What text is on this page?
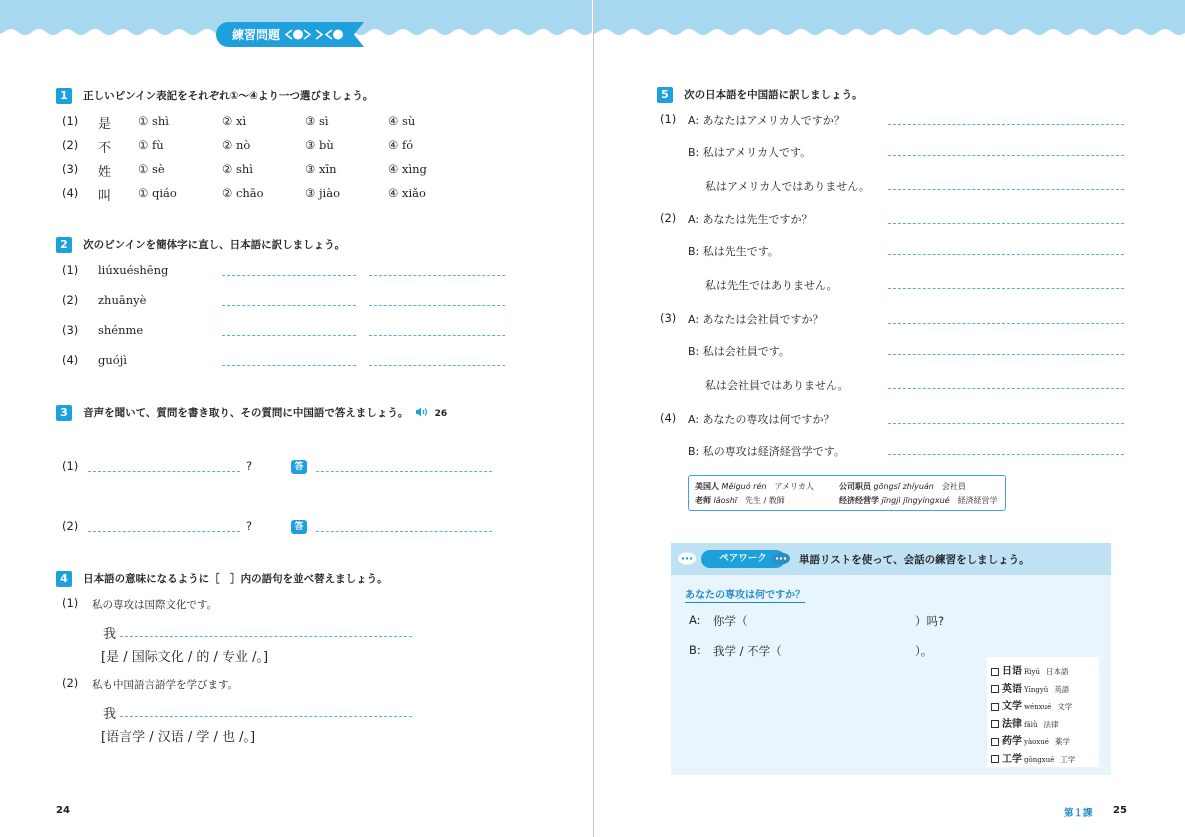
練習問題
1 正しいピンイン表記をそれぞれ①～④より一つ選びましょう。
(1) 是 ① shì	② xì	③ sì	④ sù
(2) 不 ① fù	② nò	③ bù	④ fó
(3) 姓 ① sè	② shì	③ xīn	④ xìng
(4) 叫 ① qiáo	② chāo	③ jiào	④ xiǎo
2 次のピンインを簡体字に直し、日本語に訳しましょう。
(1) liúxuéshēng
(2) zhuānyè
(3) shénme
(4) guójì
3 音声を聞いて、質問を書き取り、その質問に中国語で答えましょう。	26
(1)	?	答
(2)	?	答
4 日本語の意味になるように［　］内の語句を並べ替えましょう。
(1) 私の専攻は国際文化です。
我
[是 / 国际文化 / 的 / 专业 /。]
(2) 私も中国語言語学を学びます。
我
[语言学 / 汉语 / 学 / 也 /。]
24
5 次の日本語を中国語に訳しましょう。
(1) A: あなたはアメリカ人ですか？
B: 私はアメリカ人です。
私はアメリカ人ではありません。
(2) A: あなたは先生ですか？
B: 私は先生です。
私は先生ではありません。
(3) A: あなたは会社員ですか？
B: 私は会社員です。
私は会社員ではありません。
(4) A: あなたの専攻は何ですか？
B: 私の専攻は経済経営学です。
美国人 Měiguó rén　 アメリカ人	公司职员 gōngsī zhíyuán　 会社員
老师 lǎoshī　 先生 / 教師	经济经营学 jīngjì jīngyíngxué　 経済経営学
ペアワーク	単語リストを使って、会話の練習をしましょう。
あなたの専攻は何ですか？
A: 你学（	）吗?
B: 我学 / 不学（	）。
日语 Rìyǔ 日本語
英语 Yīngyǔ 英語
文学 wénxué 文学
法律 fǎlǜ 法律
药学 yàoxué 薬学
工学 gōngxué 工学
第１課 25
